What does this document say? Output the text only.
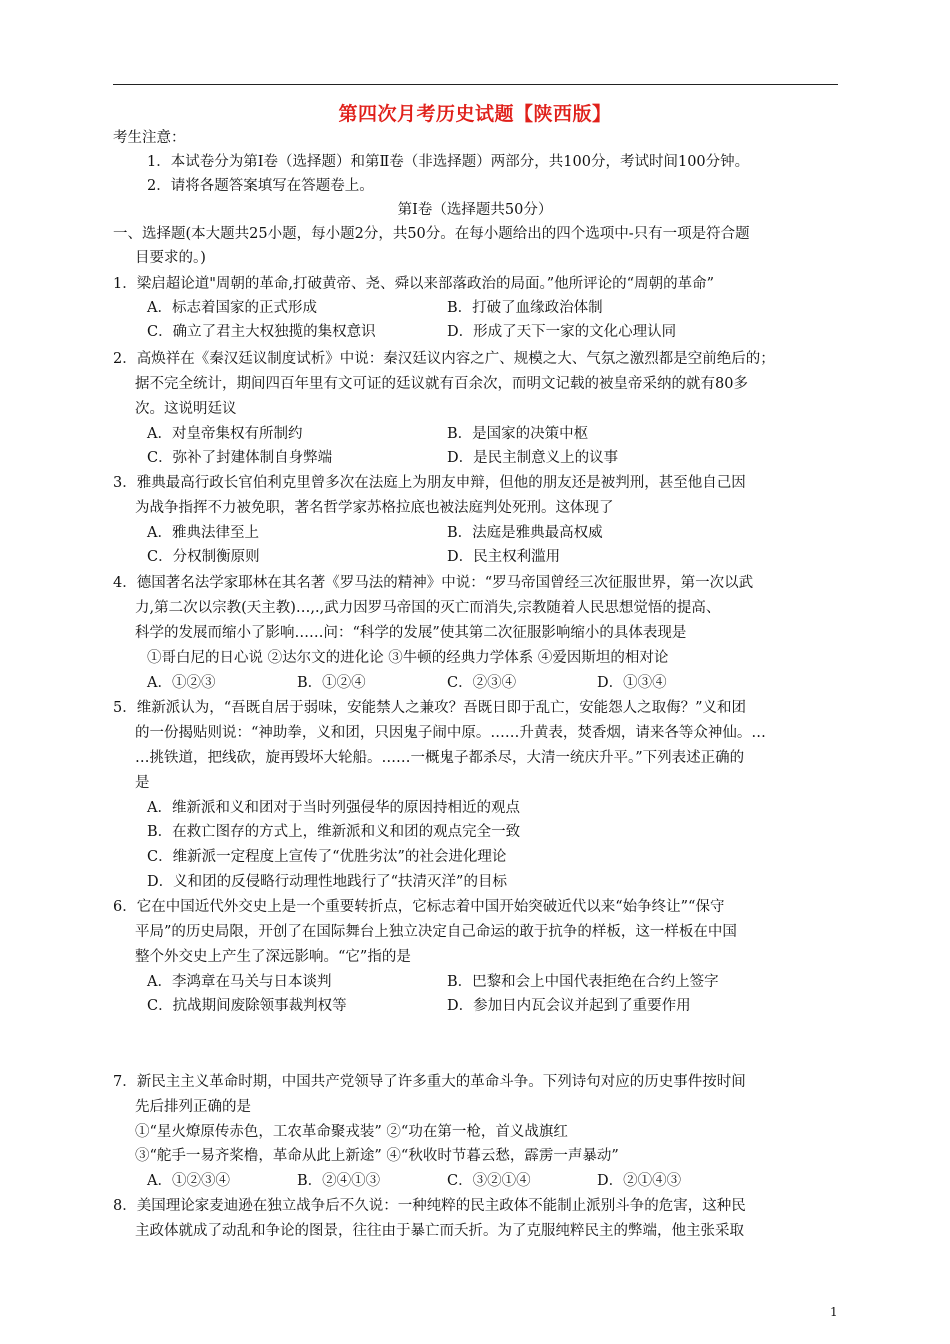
第四次月考历史试题【陕西版】
考生注意：
1．本试卷分为第Ⅰ卷（选择题）和第Ⅱ卷（非选择题）两部分，共100分，考试时间100分钟。
2．请将各题答案填写在答题卷上。
第Ⅰ卷（选择题共50分）
一、选择题(本大题共25小题，每小题2分，共50分。在每小题给出的四个选项中-只有一项是符合题
目要求的。)
1．梁启超论道"周朝的革命,打破黄帝、尧、舜以来部落政治的局面。”他所评论的“周朝的革命”
A．标志着国家的正式形成	B．打破了血缘政治体制
C．确立了君主大权独揽的集权意识	D．形成了天下一家的文化心理认同
2．高焕祥在《秦汉廷议制度试析》中说：秦汉廷议内容之广、规模之大、气氛之激烈都是空前绝后的；
据不完全统计，期间四百年里有文可证的廷议就有百余次，而明文记载的被皇帝采纳的就有80多
次。这说明廷议
A．对皇帝集权有所制约	B．是国家的决策中枢
C．弥补了封建体制自身弊端	D．是民主制意义上的议事
3．雅典最高行政长官伯利克里曾多次在法庭上为朋友申辩，但他的朋友还是被判刑，甚至他自己因
为战争指挥不力被免职，著名哲学家苏格拉底也被法庭判处死刑。这体现了
A．雅典法律至上	B．法庭是雅典最高权威
C．分权制衡原则	D．民主权利滥用
4．德国著名法学家耶林在其名著《罗马法的精神》中说：“罗马帝国曾经三次征服世界，第一次以武
力,第二次以宗教(天主教)…,.,武力因罗马帝国的灭亡而消失,宗教随着人民思想觉悟的提高、
科学的发展而缩小了影响……问：“科学的发展”使其第二次征服影响缩小的具体表现是
①哥白尼的日心说 ②达尔文的进化论 ③牛顿的经典力学体系 ④爱因斯坦的相对论
A．①②③	B．①②④	C．②③④	D．①③④
5．维新派认为，“吾既自居于弱味，安能禁人之兼攻？吾既日即于乱亡，安能怨人之取侮？”义和团
的一份揭贴则说：“神助拳，义和团，只因鬼子闹中原。……升黄表，焚香烟，请来各等众神仙。…
…挑铁道，把线砍，旋再毁坏大轮船。……一概鬼子都杀尽，大清一统庆升平。”下列表述正确的
是
A．维新派和义和团对于当时列强侵华的原因持相近的观点
B．在救亡图存的方式上，维新派和义和团的观点完全一致
C．维新派一定程度上宣传了“优胜劣汰”的社会进化理论
D．义和团的反侵略行动理性地践行了“扶清灭洋”的目标
6．它在中国近代外交史上是一个重要转折点，它标志着中国开始突破近代以来“始争终让”“保守
平局”的历史局限，开创了在国际舞台上独立决定自己命运的敢于抗争的样板，这一样板在中国
整个外交史上产生了深远影响。“它”指的是
A．李鸿章在马关与日本谈判	B．巴黎和会上中国代表拒绝在合约上签字
C．抗战期间废除领事裁判权等	D．参加日内瓦会议并起到了重要作用
7．新民主主义革命时期，中国共产党领导了许多重大的革命斗争。下列诗句对应的历史事件按时间
先后排列正确的是
①“星火燎原传赤色，工农革命聚戎装” ②“功在第一枪，首义战旗红
③“舵手一易齐桨橹，革命从此上新途” ④“秋收时节暮云愁，霹雳一声暴动”
A．①②③④	B．②④①③	C．③②①④	D．②①④③
8．美国理论家麦迪逊在独立战争后不久说：一种纯粹的民主政体不能制止派别斗争的危害，这种民
主政体就成了动乱和争论的图景，往往由于暴亡而夭折。为了克服纯粹民主的弊端，他主张采取
1
